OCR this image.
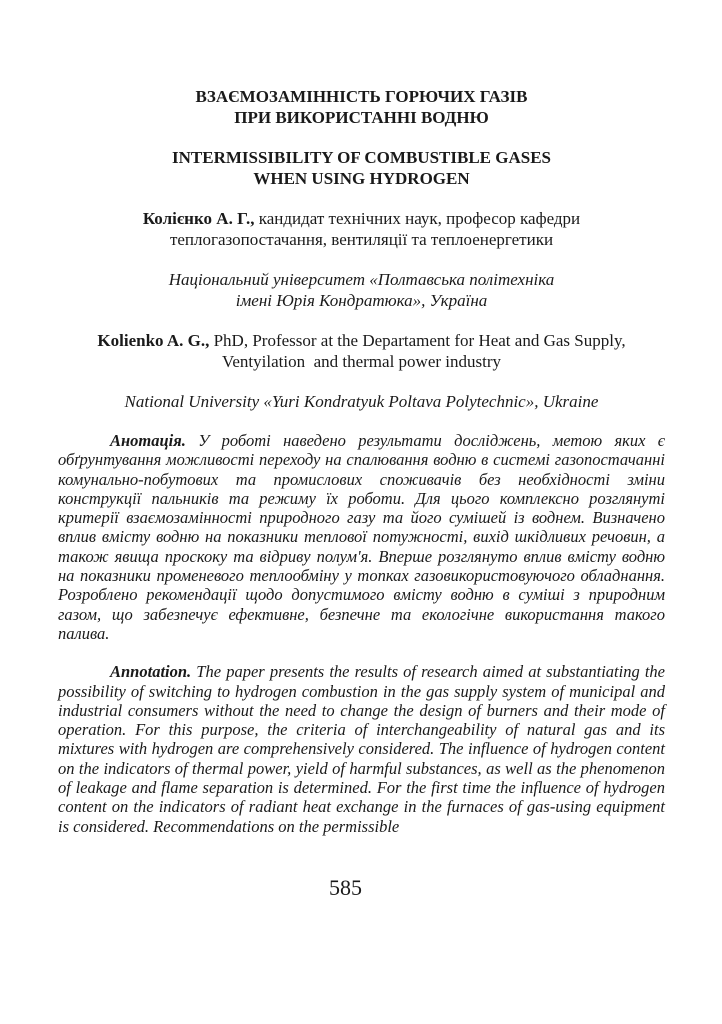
ВЗАЄМОЗАМІННІСТЬ ГОРЮЧИХ ГАЗІВ
ПРИ ВИКОРИСТАННІ ВОДНЮ
INTERMISSIBILITY OF COMBUSTIBLE GASES
WHEN USING HYDROGEN
Колієнко А. Г., кандидат технічних наук, професор кафедри
теплогазопостачання, вентиляції та теплоенергетики
Національний університет «Полтавська політехніка
імені Юрія Кондратюка», Україна
Kolienko A. G., PhD, Professor at the Departament for Heat and Gas Supply,
Ventyilation  and thermal power industry
National University «Yuri Kondratyuk Poltava Polytechnic», Ukraine

Анотація. У роботі наведено результати досліджень, метою яких є обґрунтування можливості переходу на спалювання водню в системі газопостачанні комунально-побутових та промислових споживачів без необхідності зміни конструкції пальників та режиму їх роботи. Для цього комплексно розглянуті критерії взаємозамінності природного газу та його сумішей із воднем. Визначено вплив вмісту водню на показники теплової потужності, вихід шкідливих речовин, а також явища проскоку та відриву полум'я. Вперше розглянуто вплив вмісту водню на показники променевого теплообміну у топках газовикористовуючого обладнання. Розроблено рекомендації щодо допустимого вмісту водню в суміші з природним газом, що забезпечує ефективне, безпечне та екологічне використання такого палива.

Annotation. The paper presents the results of research aimed at substantiating the possibility of switching to hydrogen combustion in the gas supply system of municipal and industrial consumers without the need to change the design of burners and their mode of operation. For this purpose, the criteria of interchangeability of natural gas and its mixtures with hydrogen are comprehensively considered. The influence of hydrogen content on the indicators of thermal power, yield of harmful substances, as well as the phenomenon of leakage and flame separation is determined. For the first time the influence of hydrogen content on the indicators of radiant heat exchange in the furnaces of gas-using equipment is considered. Recommendations on the permissible

585
